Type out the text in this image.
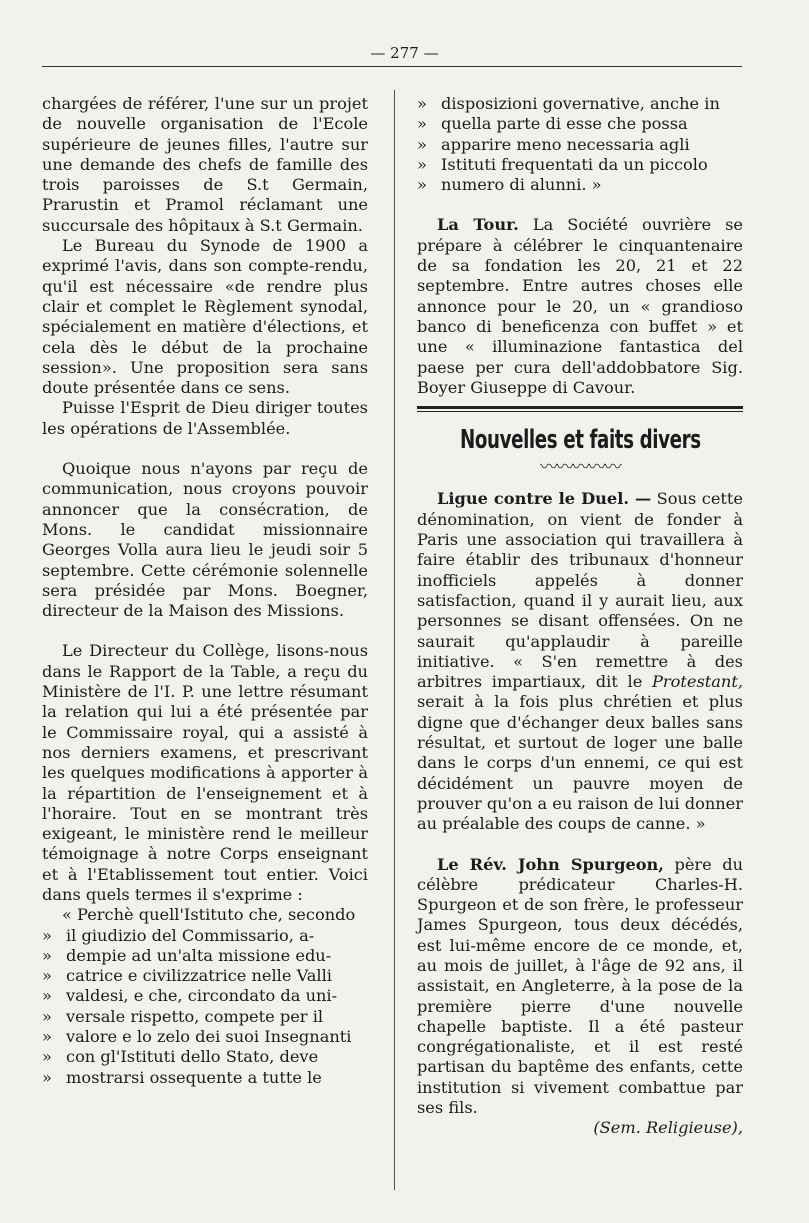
— 277 —

chargées de référer, l'une sur un projet de nouvelle organisation de l'Ecole supérieure de jeunes filles, l'autre sur une demande des chefs de famille des trois paroisses de S.t Germain, Prarustin et Pramol réclamant une succursale des hôpitaux à S.t Germain.

Le Bureau du Synode de 1900 a exprimé l'avis, dans son compte-rendu, qu'il est nécessaire «de rendre plus clair et complet le Règlement synodal, spécialement en matière d'élections, et cela dès le début de la prochaine session». Une proposition sera sans doute présentée dans ce sens.

Puisse l'Esprit de Dieu diriger toutes les opérations de l'Assemblée.

Quoique nous n'ayons par reçu de communication, nous croyons pouvoir annoncer que la consécration, de Mons. le candidat missionnaire Georges Volla aura lieu le jeudi soir 5 septembre. Cette cérémonie solennelle sera présidée par Mons. Boegner, directeur de la Maison des Missions.

Le Directeur du Collège, lisons-nous dans le Rapport de la Table, a reçu du Ministère de l'I. P. une lettre résumant la relation qui lui a été présentée par le Commissaire royal, qui a assisté à nos derniers examens, et prescrivant les quelques modifications à apporter à la répartition de l'enseignement et à l'horaire. Tout en se montrant très exigeant, le ministère rend le meilleur témoignage à notre Corps enseignant et à l'Etablissement tout entier. Voici dans quels termes il s'exprime :

« Perchè quell'Istituto che, secondo

» il giudizio del Commissario, a-

» dempie ad un'alta missione edu-

» catrice e civilizzatrice nelle Valli

» valdesi, e che, circondato da uni-

» versale rispetto, compete per il

» valore e lo zelo dei suoi Insegnanti

» con gl'Istituti dello Stato, deve

» mostrarsi ossequente a tutte le

» disposizioni governative, anche in

» quella parte di esse che possa

» apparire meno necessaria agli

» Istituti frequentati da un piccolo

» numero di alunni. »

La Tour. La Société ouvrière se prépare à célébrer le cinquantenaire de sa fondation les 20, 21 et 22 septembre. Entre autres choses elle annonce pour le 20, un « grandioso banco di beneficenza con buffet » et une « illuminazione fantastica del paese per cura dell'addobbatore Sig. Boyer Giuseppe di Cavour.

Nouvelles et faits divers
〰〰〰〰〰

Ligue contre le Duel. — Sous cette dénomination, on vient de fonder à Paris une association qui travaillera à faire établir des tribunaux d'honneur inofficiels appelés à donner satisfaction, quand il y aurait lieu, aux personnes se disant offensées. On ne saurait qu'applaudir à pareille initiative. « S'en remettre à des arbitres impartiaux, dit le Protestant, serait à la fois plus chrétien et plus digne que d'échanger deux balles sans résultat, et surtout de loger une balle dans le corps d'un ennemi, ce qui est décidément un pauvre moyen de prouver qu'on a eu raison de lui donner au préalable des coups de canne. »

Le Rév. John Spurgeon, père du célèbre prédicateur Charles-H. Spurgeon et de son frère, le professeur James Spurgeon, tous deux décédés, est lui-même encore de ce monde, et, au mois de juillet, à l'âge de 92 ans, il assistait, en Angleterre, à la pose de la première pierre d'une nouvelle chapelle baptiste. Il a été pasteur congrégationaliste, et il est resté partisan du baptême des enfants, cette institution si vivement combattue par ses fils.

(Sem. Religieuse),
